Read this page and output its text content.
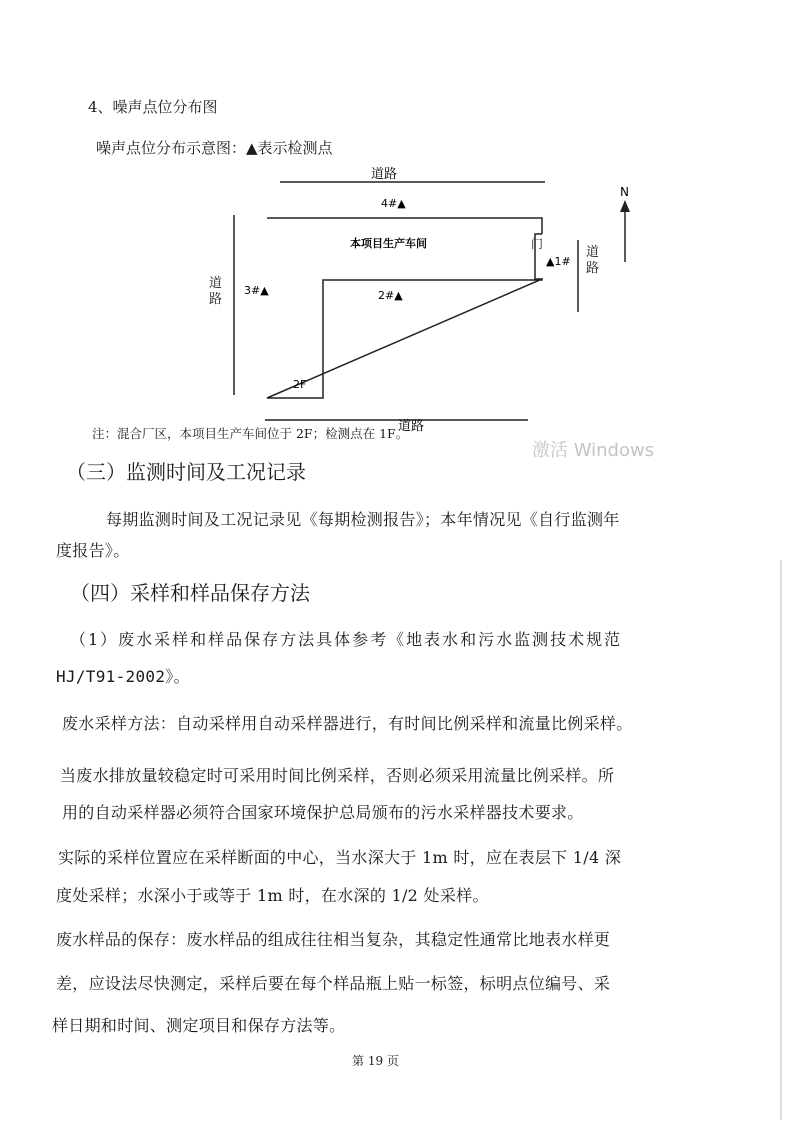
4、噪声点位分布图
噪声点位分布示意图：▲表示检测点
道路
道路
N
本项目生产车间
2F
4#▲
2#▲
3#▲
▲1#
门
道路
道路
注：混合厂区，本项目生产车间位于 2F；检测点在 1F。
激活 Windows
（三）监测时间及工况记录
每期监测时间及工况记录见《每期检测报告》；本年情况见《自行监测年
度报告》。
（四）采样和样品保存方法
（1）废水采样和样品保存方法具体参考《地表水和污水监测技术规范
HJ/T91-2002》。
废水采样方法：自动采样用自动采样器进行，有时间比例采样和流量比例采样。
当废水排放量较稳定时可采用时间比例采样，否则必须采用流量比例采样。所
用的自动采样器必须符合国家环境保护总局颁布的污水采样器技术要求。
实际的采样位置应在采样断面的中心，当水深大于 1m 时，应在表层下 1/4 深
度处采样；水深小于或等于 1m 时，在水深的 1/2 处采样。
废水样品的保存：废水样品的组成往往相当复杂，其稳定性通常比地表水样更
差，应设法尽快测定，采样后要在每个样品瓶上贴一标签，标明点位编号、采
样日期和时间、测定项目和保存方法等。
第 19 页
